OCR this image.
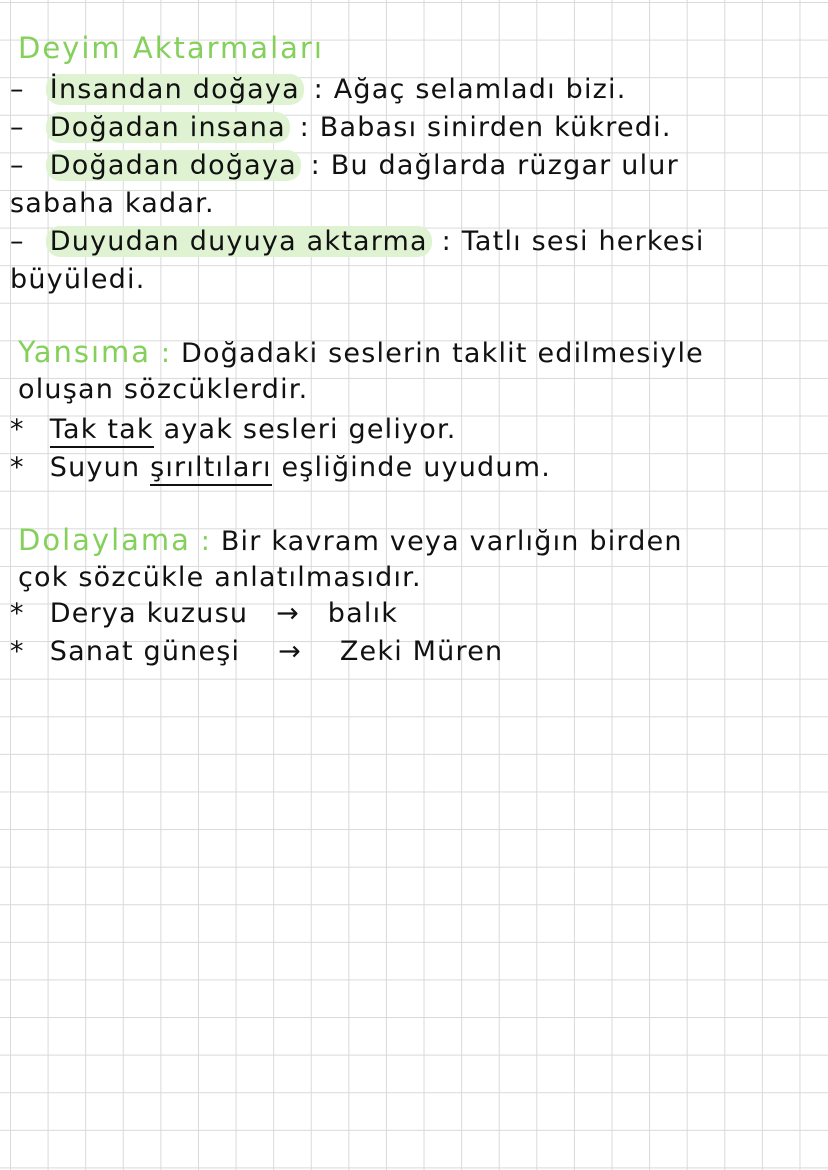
Deyim Aktarmaları
– İnsandan doğaya : Ağaç selamladı bizi.
– Doğadan insana : Babası sinirden kükredi.
– Doğadan doğaya : Bu dağlarda rüzgar ulur
sabaha kadar.
– Duyudan duyuya aktarma : Tatlı sesi herkesi
büyüledi.
Yansıma : Doğadaki seslerin taklit edilmesiyle
oluşan sözcüklerdir.
* Tak tak ayak sesleri geliyor.
* Suyun şırıltıları eşliğinde uyudum.
Dolaylama : Bir kavram veya varlığın birden
çok sözcükle anlatılmasıdır.
* Derya kuzusu → balık
* Sanat güneşi → Zeki Müren
